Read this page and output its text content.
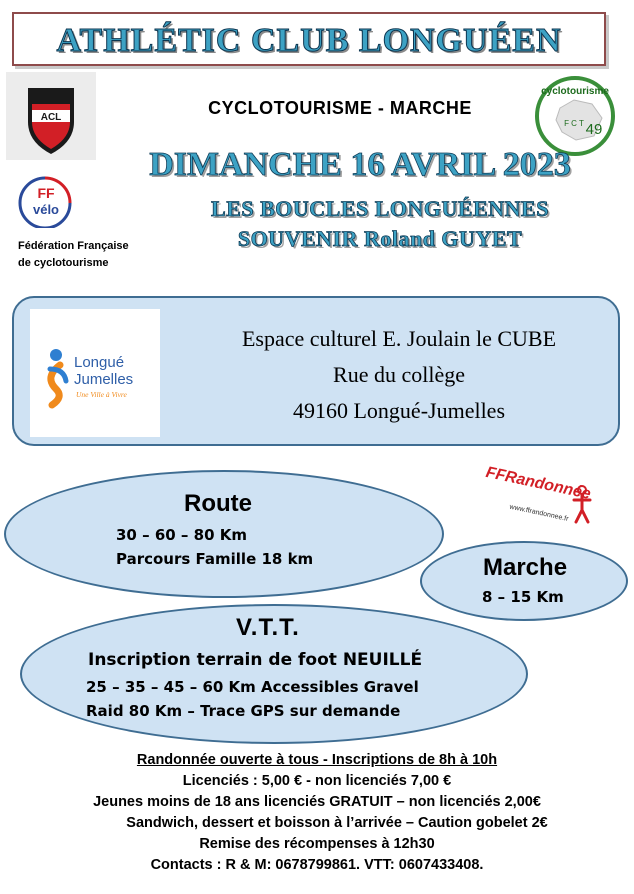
ATHLÉTIC CLUB LONGUÉEN
ACL
FF
vélo
Fédération Française
de cyclotourisme
cyclotourisme
F C T 49
CYCLOTOURISME - MARCHE
DIMANCHE 16 AVRIL 2023
LES BOUCLES LONGUÉENNES
SOUVENIR Roland GUYET
Espace culturel E. Joulain le CUBE
Rue du collège
49160 Longué-Jumelles
Longué
Jumelles
Une Ville à Vivre
FFRandonnée
www.ffrandonnee.fr
Route
30 – 60 – 80 Km
Parcours Famille 18 km	Marche
8 – 15 Km
V.T.T.
Inscription terrain de foot NEUILLÉ
25 – 35 – 45 – 60 Km Accessibles Gravel
Raid 80 Km – Trace GPS sur demande
Randonnée ouverte à tous - Inscriptions de 8h à 10h
Licenciés : 5,00 € - non licenciés 7,00 €
Jeunes moins de 18 ans licenciés GRATUIT – non licenciés 2,00€
Sandwich, dessert et boisson à l’arrivée – Caution gobelet 2€
Remise des récompenses à 12h30
Contacts : R & M: 0678799861. VTT: 0607433408.
